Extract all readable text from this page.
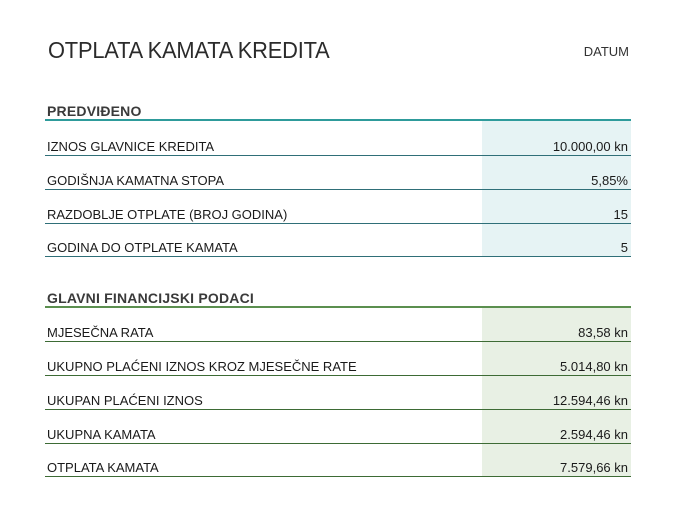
OTPLATA KAMATA KREDITA	DATUM
PREDVIĐENO
IZNOS GLAVNICE KREDITA	10.000,00 kn
GODIŠNJA KAMATNA STOPA	5,85%
RAZDOBLJE OTPLATE (BROJ GODINA)	15
GODINA DO OTPLATE KAMATA	5
GLAVNI FINANCIJSKI PODACI
MJESEČNA RATA	83,58 kn
UKUPNO PLAĆENI IZNOS KROZ MJESEČNE RATE	5.014,80 kn
UKUPAN PLAĆENI IZNOS	12.594,46 kn
UKUPNA KAMATA	2.594,46 kn
OTPLATA KAMATA	7.579,66 kn
